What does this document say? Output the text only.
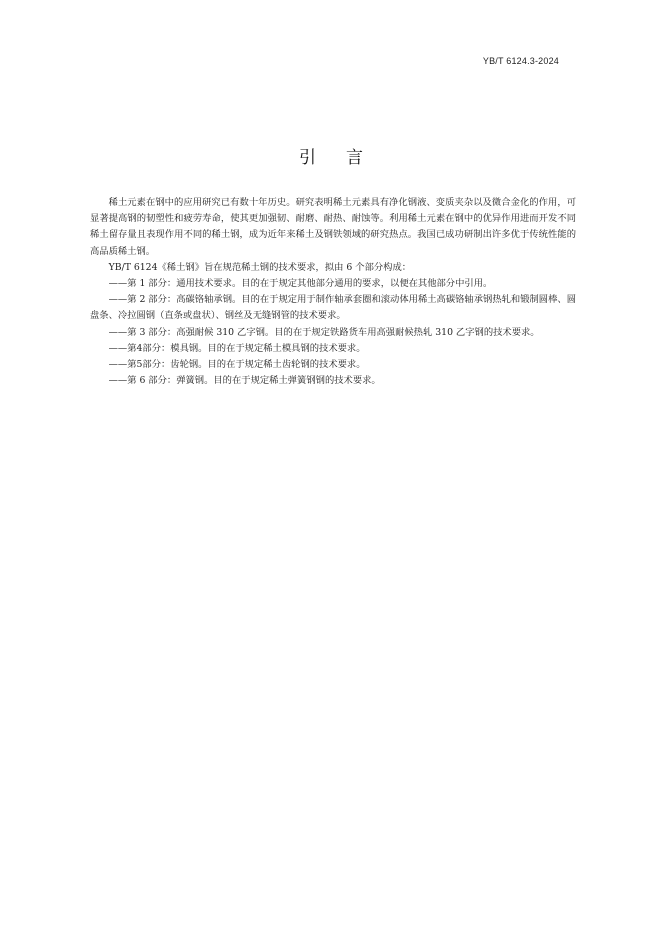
YB/T 6124.3-2024
引言

稀土元素在钢中的应用研究已有数十年历史。研究表明稀土元素具有净化钢液、变质夹杂以及微合金化的作用，可显著提高钢的韧塑性和疲劳寿命，使其更加强韧、耐磨、耐热、耐蚀等。利用稀土元素在钢中的优异作用进而开发不同稀土留存量且表现作用不同的稀土钢，成为近年来稀土及钢铁领域的研究热点。我国已成功研制出许多优于传统性能的高品质稀土钢。

YB/T 6124《稀土钢》旨在规范稀土钢的技术要求，拟由 6 个部分构成：

——第 1 部分：通用技术要求。目的在于规定其他部分通用的要求，以便在其他部分中引用。

——第 2 部分：高碳铬轴承钢。目的在于规定用于制作轴承套圈和滚动体用稀土高碳铬轴承钢热轧和锻制圆棒、圆盘条、冷拉圆钢（直条或盘状）、钢丝及无缝钢管的技术要求。

——第 3 部分：高强耐候 310 乙字钢。目的在于规定铁路货车用高强耐候热轧 310 乙字钢的技术要求。

——第4部分：模具钢。目的在于规定稀土模具钢的技术要求。

——第5部分：齿轮钢。目的在于规定稀土齿轮钢的技术要求。

——第 6 部分：弹簧钢。目的在于规定稀土弹簧钢钢的技术要求。
